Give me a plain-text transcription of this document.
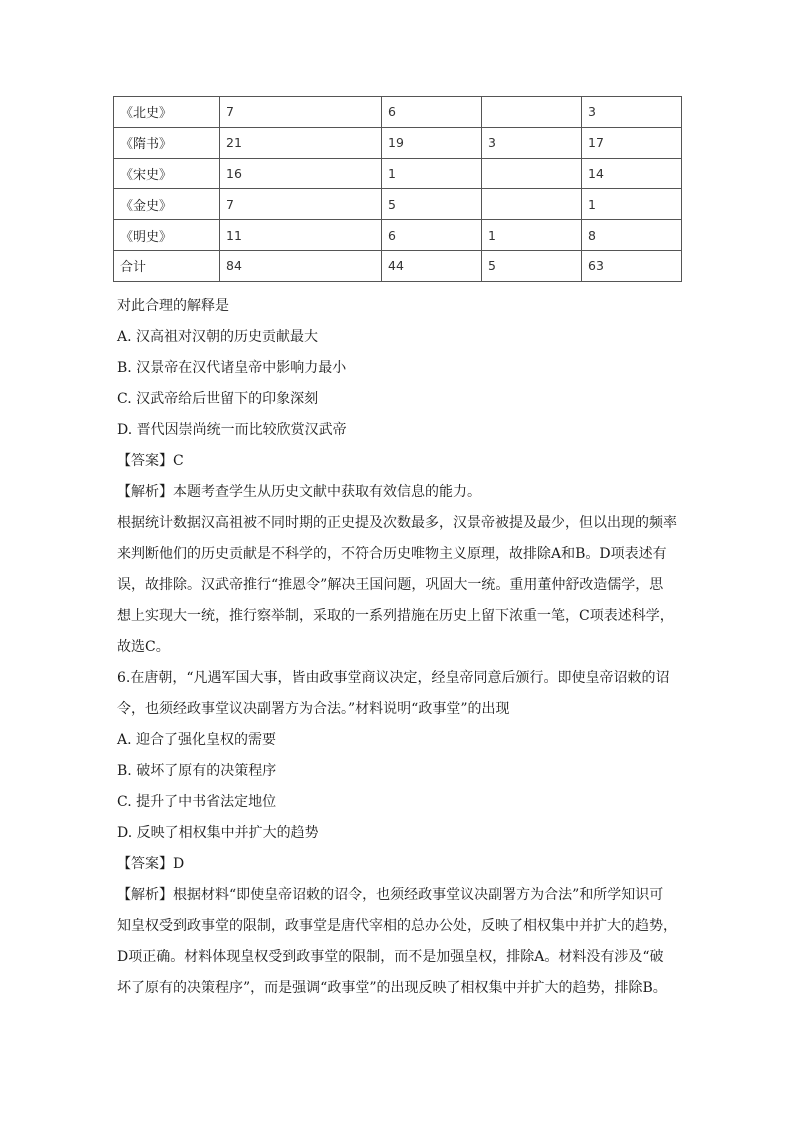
《北史》	7	6		3
《隋书》	21	19	3	17
《宋史》	16	1		14
《金史》	7	5		1
《明史》	11	6	1	8
合计	84	44	5	63
对此合理的解释是
A. 汉高祖对汉朝的历史贡献最大
B. 汉景帝在汉代诸皇帝中影响力最小
C. 汉武帝给后世留下的印象深刻
D. 晋代因崇尚统一而比较欣赏汉武帝
【答案】C
【解析】本题考查学生从历史文献中获取有效信息的能力。
根据统计数据汉高祖被不同时期的正史提及次数最多，汉景帝被提及最少，但以出现的频率
来判断他们的历史贡献是不科学的，不符合历史唯物主义原理，故排除A和B。D项表述有
误，故排除。汉武帝推行“推恩令”解决王国问题，巩固大一统。重用董仲舒改造儒学，思
想上实现大一统，推行察举制，采取的一系列措施在历史上留下浓重一笔，C项表述科学，
故选C。
6.在唐朝，“凡遇军国大事，皆由政事堂商议决定，经皇帝同意后颁行。即使皇帝诏敕的诏
令，也须经政事堂议决副署方为合法。”材料说明“政事堂”的出现
A. 迎合了强化皇权的需要
B. 破坏了原有的决策程序
C. 提升了中书省法定地位
D. 反映了相权集中并扩大的趋势
【答案】D
【解析】根据材料“即使皇帝诏敕的诏令，也须经政事堂议决副署方为合法”和所学知识可
知皇权受到政事堂的限制，政事堂是唐代宰相的总办公处，反映了相权集中并扩大的趋势，
D项正确。材料体现皇权受到政事堂的限制，而不是加强皇权，排除A。材料没有涉及“破
坏了原有的决策程序”，而是强调“政事堂”的出现反映了相权集中并扩大的趋势，排除B。
